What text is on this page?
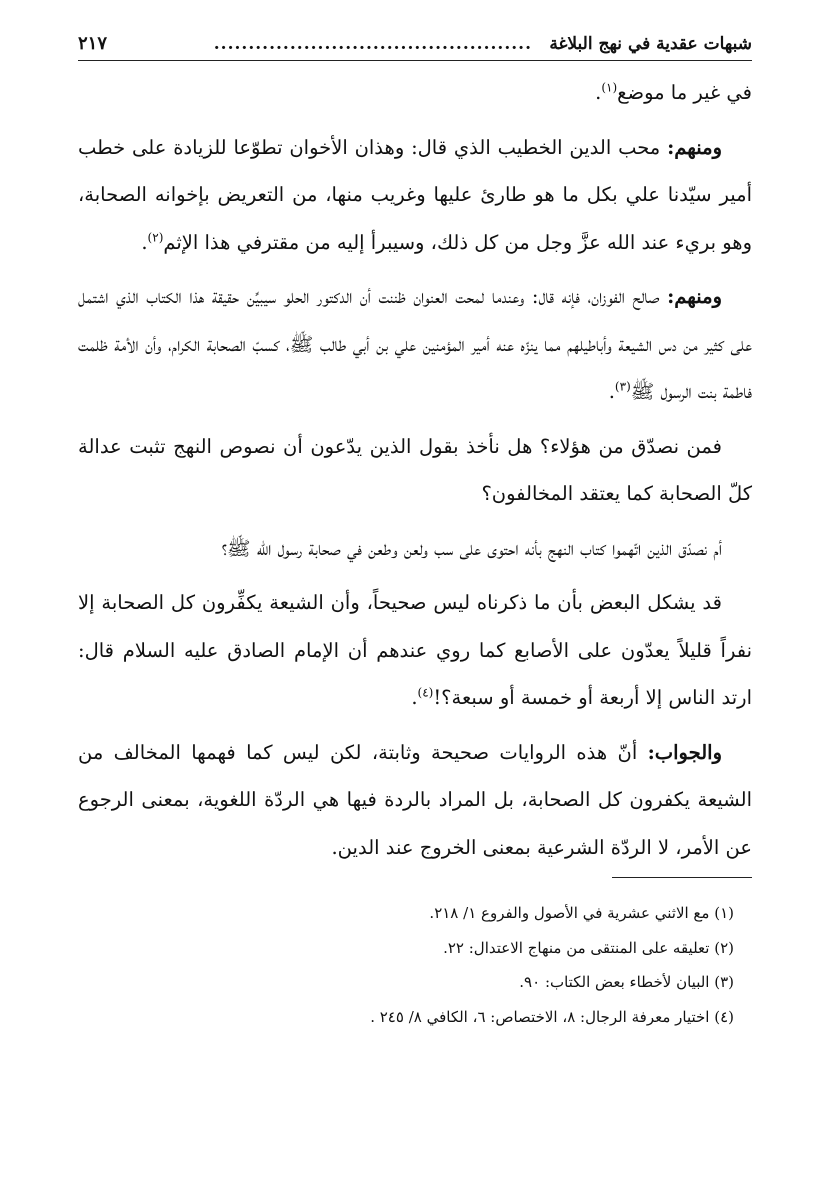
شبهات عقدية في نهج البلاغة
..............................................
٢١٧

في غير ما موضع$^{(١)}$.

ومنهم: محب الدين الخطيب الذي قال: وهذان الأخوان تطوّعا للزيادة على خطب أمير سيّدنا علي بكل ما هو طارئ عليها وغريب منها، من التعريض بإخوانه الصحابة، وهو بريء عند الله عزَّ وجل من كل ذلك، وسيبرأ إليه من مقترفي هذا الإثم$^{(٢)}$.

ومنهم: صالح الفوزان، فإنه قال: وعندما لمحت العنوان ظننت أن الدكتور الحلو سيبيِّن حقيقة هذا الكتاب الذي اشتمل على كثير من دس الشيعة وأباطيلهم مما ينزّه عنه أمير المؤمنين علي بن أبي طالب ﷺ، كسبّ الصحابة الكرام، وأن الأمة ظلمت فاطمة بنت الرسول ﷺ$^{(٣)}$.

فمن نصدّق من هؤلاء؟ هل نأخذ بقول الذين يدّعون أن نصوص النهج تثبت عدالة كلّ الصحابة كما يعتقد المخالفون؟

أم نصدّق الذين اتّهموا كتاب النهج بأنه احتوى على سب ولعن وطعن في صحابة رسول الله ﷺ؟

قد يشكل البعض بأن ما ذكرناه ليس صحيحاً، وأن الشيعة يكفِّرون كل الصحابة إلا نفراً قليلاً يعدّون على الأصابع كما روي عندهم أن الإمام الصادق عليه السلام قال: ارتد الناس إلا أربعة أو خمسة أو سبعة؟!$^{(٤)}$.

والجواب: أنّ هذه الروايات صحيحة وثابتة، لكن ليس كما فهمها المخالف من الشيعة يكفرون كل الصحابة، بل المراد بالردة فيها هي الردّة اللغوية، بمعنى الرجوع عن الأمر، لا الردّة الشرعية بمعنى الخروج عند الدين.

(١) مع الاثني عشرية في الأصول والفروع ١/ ٢١٨.
(٢) تعليقه على المنتقى من منهاج الاعتدال: ٢٢.
(٣) البيان لأخطاء بعض الكتاب: ٩٠.
(٤) اختيار معرفة الرجال: ٨، الاختصاص: ٦، الكافي ٨/ ٢٤٥ .
